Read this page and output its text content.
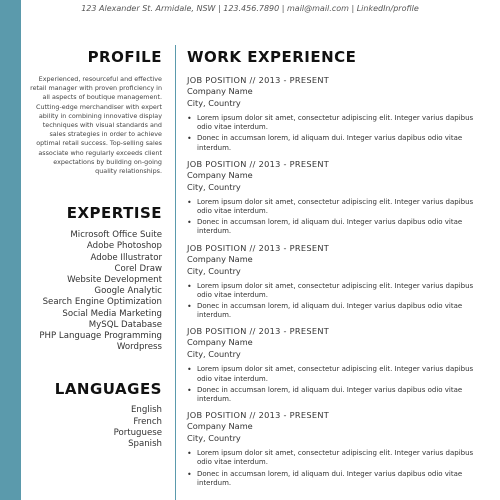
123 Alexander St. Armidale, NSW | 123.456.7890 | mail@mail.com | LinkedIn/profile
PROFILE
Experienced, resourceful and effective retail manager with proven proficiency in all aspects of boutique management. Cutting-edge merchandiser with expert ability in combining innovative display techniques with visual standards and sales strategies in order to achieve optimal retail success. Top-selling sales associate who regularly exceeds client expectations by building on-going quality relationships.
EXPERTISE
Microsoft Office Suite
Adobe Photoshop
Adobe Illustrator
Corel Draw
Website Development
Google Analytic
Search Engine Optimization
Social Media Marketing
MySQL Database
PHP Language Programming
Wordpress
LANGUAGES
English
French
Portuguese
Spanish
WORK EXPERIENCE
JOB POSITION // 2013 - PRESENT
Company Name
City, Country
• Lorem ipsum dolor sit amet, consectetur adipiscing elit. Integer varius dapibus odio vitae interdum.
• Donec in accumsan lorem, id aliquam dui. Integer varius dapibus odio vitae interdum.
JOB POSITION // 2013 - PRESENT
Company Name
City, Country
• Lorem ipsum dolor sit amet, consectetur adipiscing elit. Integer varius dapibus odio vitae interdum.
• Donec in accumsan lorem, id aliquam dui. Integer varius dapibus odio vitae interdum.
JOB POSITION // 2013 - PRESENT
Company Name
City, Country
• Lorem ipsum dolor sit amet, consectetur adipiscing elit. Integer varius dapibus odio vitae interdum.
• Donec in accumsan lorem, id aliquam dui. Integer varius dapibus odio vitae interdum.
JOB POSITION // 2013 - PRESENT
Company Name
City, Country
• Lorem ipsum dolor sit amet, consectetur adipiscing elit. Integer varius dapibus odio vitae interdum.
• Donec in accumsan lorem, id aliquam dui. Integer varius dapibus odio vitae interdum.
JOB POSITION // 2013 - PRESENT
Company Name
City, Country
• Lorem ipsum dolor sit amet, consectetur adipiscing elit. Integer varius dapibus odio vitae interdum.
• Donec in accumsan lorem, id aliquam dui. Integer varius dapibus odio vitae interdum.
